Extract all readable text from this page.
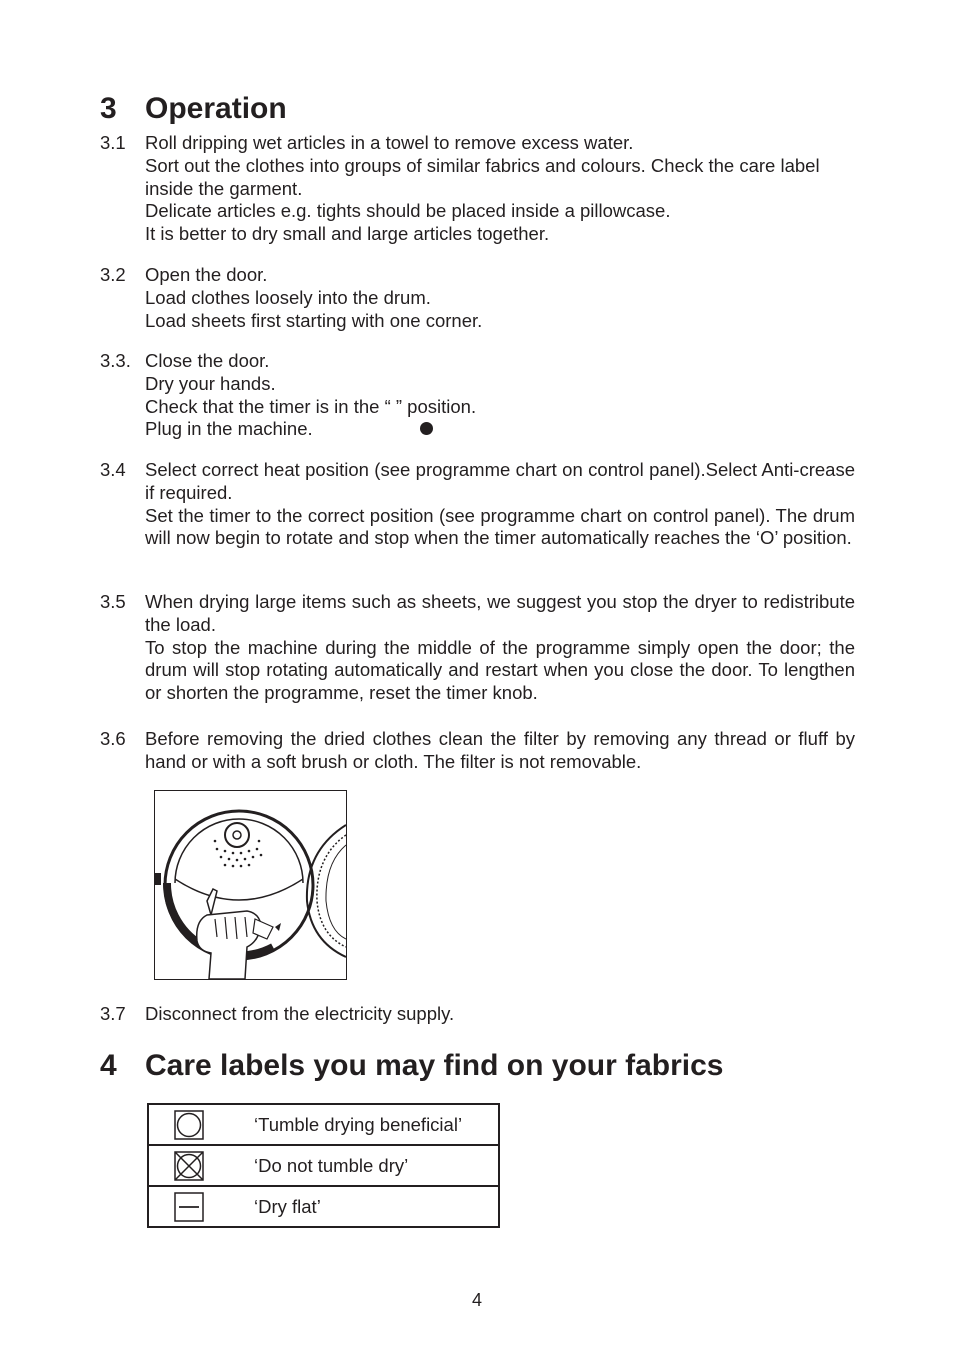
3 Operation
3.1 Roll dripping wet articles in a towel to remove excess water.

Sort out the clothes into groups of similar fabrics and colours. Check the care label inside the garment.

Delicate articles e.g. tights should be placed inside a pillowcase.

It is better to dry small and large articles together.

3.2 Open the door.

Load clothes loosely into the drum.

Load sheets first starting with one corner.

3.3. Close the door.

Dry your hands.

Check that the timer is in the “ ” position.

Plug in the machine.

3.4 Select correct heat position (see programme chart on control panel).Select Anti-crease if required.

Set the timer to the correct position (see programme chart on control panel). The drum will now begin to rotate and stop when the timer automatically reaches the ‘O’ position.

3.5 When drying large items such as sheets, we suggest you stop the dryer to redistribute the load.

To stop the machine during the middle of the programme simply open the door; the drum will stop rotating automatically and restart when you close the door. To lengthen or shorten the programme, reset the timer knob.

3.6 Before removing the dried clothes clean the filter by removing any thread or fluff by hand or with a soft brush or cloth. The filter is not removable.

3.7 Disconnect from the electricity supply.

4 Care labels you may find on your fabrics
	‘Tumble drying beneficial’

	‘Do not tumble dry’

	‘Dry flat’
4
